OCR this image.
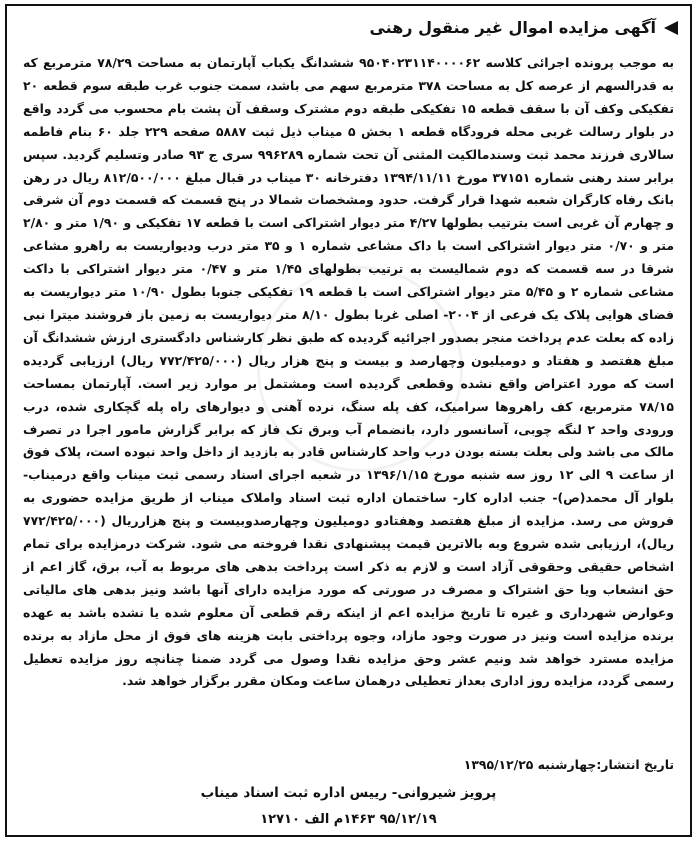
آگهی مزایده اموال غیر منقول رهنی

به موجب پرونده اجرائی کلاسه ۹۵۰۴۰۲۳۱۱۴۰۰۰۰۶۲ ششدانگ یکباب آپارتمان به مساحت ۷۸/۲۹ مترمربع که به قدرالسهم از عرصه کل به مساحت ۳۷۸ مترمربع سهم می باشد، سمت جنوب غرب طبقه سوم قطعه ۲۰ تفکیکی وکف آن با سقف قطعه ۱۵ تفکیکی طبقه دوم مشترک وسقف آن پشت بام محسوب می گردد واقع در بلوار رسالت غربی محله فرودگاه قطعه ۱ بخش ۵ میناب ذیل ثبت ۵۸۸۷ صفحه ۲۲۹ جلد ۶۰ بنام فاطمه سالاری فرزند محمد ثبت وسندمالکیت المثنی آن تحت شماره ۹۹۶۲۸۹ سری ج ۹۳ صادر وتسلیم گردید. سپس برابر سند رهنی شماره ۳۷۱۵۱ مورخ ۱۳۹۴/۱۱/۱۱ دفترخانه ۳۰ میناب در قبال مبلغ ۸۱۲/۵۰۰/۰۰۰ ریال در رهن بانک رفاه کارگران شعبه شهدا قرار گرفت. حدود ومشخصات شمالا در پنج قسمت که قسمت دوم آن شرقی و چهارم آن غربی است بترتیب بطولها ۴/۲۷ متر دیوار اشتراکی است با قطعه ۱۷ تفکیکی و ۱/۹۰ متر و ۲/۸۰ متر و ۰/۷۰ متر دیوار اشتراکی است با داک مشاعی شماره ۱ و ۳۵ متر درب ودیواریست به راهرو مشاعی شرقا در سه قسمت که دوم شمالیست به ترتیب بطولهای ۱/۴۵ متر و ۰/۴۷ متر دیوار اشتراکی با داکت مشاعی شماره ۲ و ۵/۴۵ متر دیوار اشتراکی است با قطعه ۱۹ تفکیکی جنوبا بطول ۱۰/۹۰ متر دیواریست به فضای هوایی پلاک یک فرعی از ۲۰۰۴- اصلی غربا بطول ۸/۱۰ متر دیواریست به زمین باز فروشند میترا نبی زاده که بعلت عدم پرداخت منجر بصدور اجرائیه گردیده که طبق نظر کارشناس دادگستری ارزش ششدانگ آن مبلغ هفتصد و هفتاد و دومیلیون وچهارصد و بیست و پنج هزار ریال (۷۷۲/۴۲۵/۰۰۰ ریال) ارزیابی گردیده است که مورد اعتراض واقع نشده وقطعی گردیده است ومشتمل بر موارد زیر است. آپارتمان بمساحت ۷۸/۱۵ مترمربع، کف راهروها سرامیک، کف پله سنگ، نرده آهنی و دیوارهای راه پله گچکاری شده، درب ورودی واحد ۲ لنگه چوبی، آسانسور دارد، بانضمام آب وبرق تک فاز که برابر گزارش مامور اجرا در تصرف مالک می باشد ولی بعلت بسته بودن درب واحد کارشناس قادر به بازدید از داخل واحد نبوده است، پلاک فوق از ساعت ۹ الی ۱۲ روز سه شنبه مورخ ۱۳۹۶/۱/۱۵ در شعبه اجرای اسناد رسمی ثبت میناب واقع درمیناب- بلوار آل محمد(ص)- جنب اداره کار- ساختمان اداره ثبت اسناد واملاک میناب از طریق مزایده حضوری به فروش می رسد. مزایده از مبلغ هفتصد وهفتادو دومیلیون وچهارصدوبیست و پنج هزارریال (۷۷۲/۴۲۵/۰۰۰ ریال)، ارزیابی شده شروع وبه بالاترین قیمت پیشنهادی نقدا فروخته می شود. شرکت درمزایده برای تمام اشخاص حقیقی وحقوقی آزاد است و لازم به ذکر است پرداخت بدهی های مربوط به آب، برق، گاز اعم از حق انشعاب ویا حق اشتراک و مصرف در صورتی که مورد مزایده دارای آنها باشد ونیز بدهی های مالیاتی وعوارض شهرداری و غیره تا تاریخ مزایده اعم از اینکه رقم قطعی آن معلوم شده یا نشده باشد به عهده برنده مزایده است ونیز در صورت وجود مازاد، وجوه پرداختی بابت هزینه های فوق از محل مازاد به برنده مزایده مسترد خواهد شد ونیم عشر وحق مزایده نقدا وصول می گردد ضمنا چنانچه روز مزایده تعطیل رسمی گردد، مزایده روز اداری بعداز تعطیلی درهمان ساعت ومکان مقرر برگزار خواهد شد.

تاریخ انتشار:چهارشنبه ۱۳۹۵/۱۲/۲۵

پرویز شیروانی- رییس اداره ثبت اسناد میناب

۹۵/۱۲/۱۹ ۱۴۶۳م الف ۱۲۷۱۰
